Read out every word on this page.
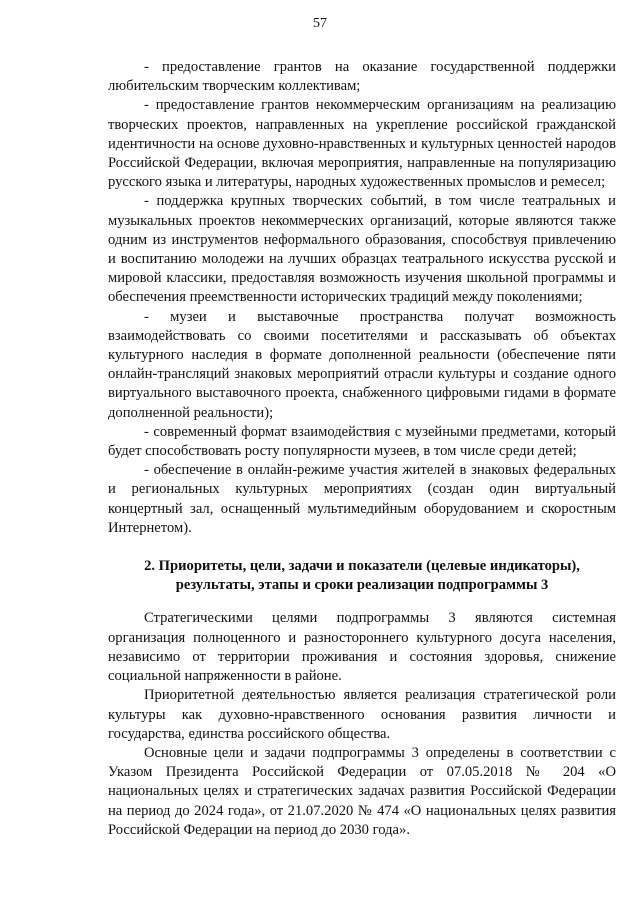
57

- предоставление грантов на оказание государственной поддержки любительским творческим коллективам;

- предоставление грантов некоммерческим организациям на реализацию творческих проектов, направленных на укрепление российской гражданской идентичности на основе духовно-нравственных и культурных ценностей народов Российской Федерации, включая мероприятия, направленные на популяризацию русского языка и литературы, народных художественных промыслов и ремесел;

- поддержка крупных творческих событий, в том числе театральных и музыкальных проектов некоммерческих организаций, которые являются также одним из инструментов неформального образования, способствуя привлечению и воспитанию молодежи на лучших образцах театрального искусства русской и мировой классики, предоставляя возможность изучения школьной программы и обеспечения преемственности исторических традиций между поколениями;

- музеи и выставочные пространства получат возможность взаимодействовать со своими посетителями и рассказывать об объектах культурного наследия в формате дополненной реальности (обеспечение пяти онлайн-трансляций знаковых мероприятий отрасли культуры и создание одного виртуального выставочного проекта, снабженного цифровыми гидами в формате дополненной реальности);

- современный формат взаимодействия с музейными предметами, который будет способствовать росту популярности музеев, в том числе среди детей;

- обеспечение в онлайн-режиме участия жителей в знаковых федеральных и региональных культурных мероприятиях (создан один виртуальный концертный зал, оснащенный мультимедийным оборудованием и скоростным Интернетом).

2. Приоритеты, цели, задачи и показатели (целевые индикаторы),
результаты, этапы и сроки реализации подпрограммы 3

Стратегическими целями подпрограммы 3 являются системная организация полноценного и разностороннего культурного досуга населения, независимо от территории проживания и состояния здоровья, снижение социальной напряженности в районе.

Приоритетной деятельностью является реализация стратегической роли культуры как духовно-нравственного основания развития личности и государства, единства российского общества.

Основные цели и задачи подпрограммы 3 определены в соответствии с Указом Президента Российской Федерации от 07.05.2018 № 204 «О национальных целях и стратегических задачах развития Российской Федерации на период до 2024 года», от 21.07.2020 № 474 «О национальных целях развития Российской Федерации на период до 2030 года».
